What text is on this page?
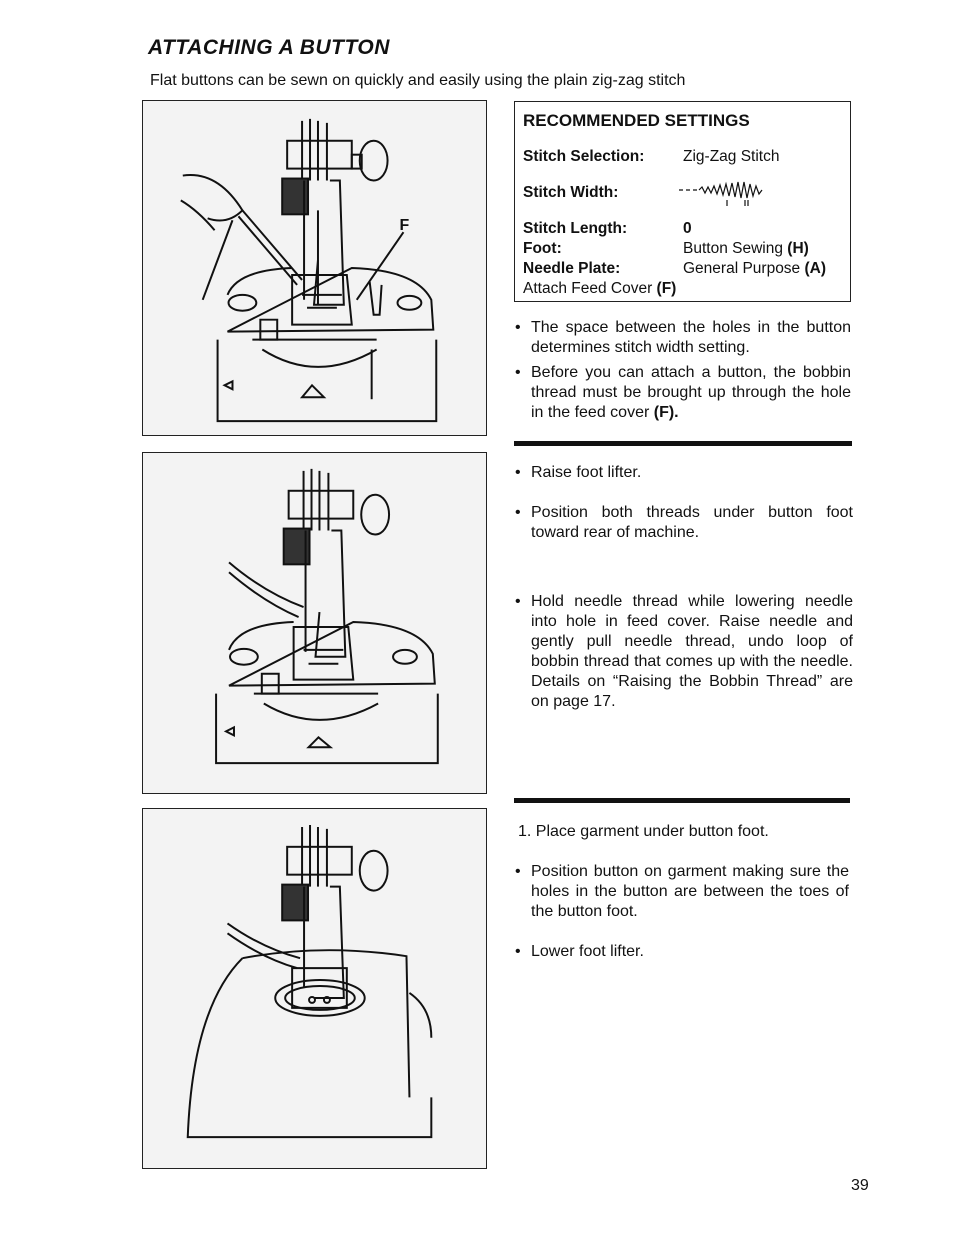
ATTACHING A BUTTON
Flat buttons can be sewn on quickly and easily using the plain zig-zag stitch
F
RECOMMENDED SETTINGS
Stitch Selection: Zig-Zag Stitch
Stitch Width:
Stitch Length:	0
Foot:	Button Sewing (H)
Needle Plate:	General Purpose (A)
Attach Feed Cover (F)
• The space between the holes in the button determines stitch width setting.
• Before you can attach a button, the bobbin thread must be brought up through the hole in the feed cover (F).
• Raise foot lifter.
• Position both threads under button foot toward rear of machine.
• Hold needle thread while lowering needle into hole in feed cover. Raise needle and gently pull needle thread, undo loop of bobbin thread that comes up with the needle. Details on “Raising the Bobbin Thread” are on page 17.
1. Place garment under button foot.
• Position button on garment making sure the holes in the button are between the toes of the button foot.
• Lower foot lifter.
39
